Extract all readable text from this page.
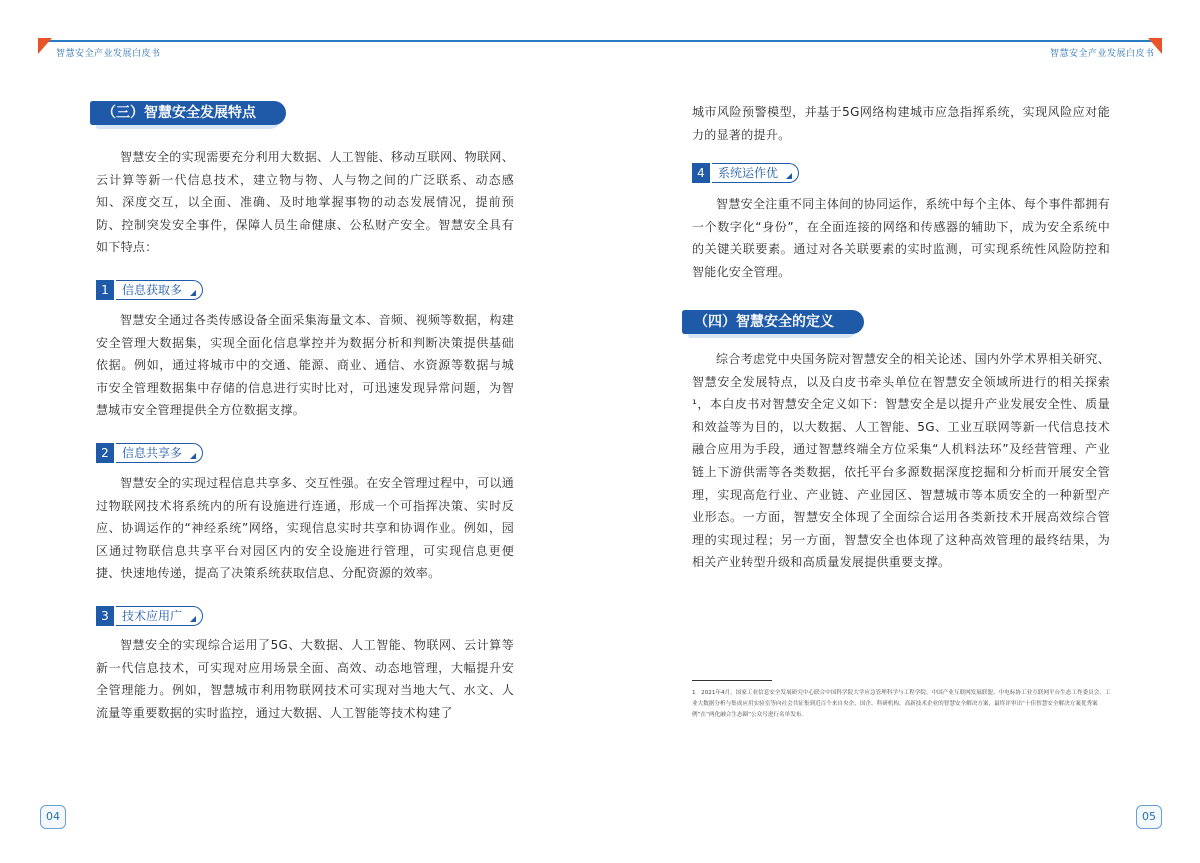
智慧安全产业发展白皮书
（三）智慧安全发展特点
智慧安全的实现需要充分利用大数据、人工智能、移动互联网、物联网、云计算等新一代信息技术，建立物与物、人与物之间的广泛联系、动态感知、深度交互，以全面、准确、及时地掌握事物的动态发展情况，提前预防、控制突发安全事件，保障人员生命健康、公私财产安全。智慧安全具有如下特点：
1	信息获取多
智慧安全通过各类传感设备全面采集海量文本、音频、视频等数据，构建安全管理大数据集，实现全面化信息掌控并为数据分析和判断决策提供基础依据。例如，通过将城市中的交通、能源、商业、通信、水资源等数据与城市安全管理数据集中存储的信息进行实时比对，可迅速发现异常问题，为智慧城市安全管理提供全方位数据支撑。
2	信息共享多
智慧安全的实现过程信息共享多、交互性强。在安全管理过程中，可以通过物联网技术将系统内的所有设施进行连通，形成一个可指挥决策、实时反应、协调运作的“神经系统”网络，实现信息实时共享和协调作业。例如，园区通过物联信息共享平台对园区内的安全设施进行管理，可实现信息更便捷、快速地传递，提高了决策系统获取信息、分配资源的效率。
3	技术应用广
智慧安全的实现综合运用了5G、大数据、人工智能、物联网、云计算等新一代信息技术，可实现对应用场景全面、高效、动态地管理，大幅提升安全管理能力。例如，智慧城市利用物联网技术可实现对当地大气、水文、人流量等重要数据的实时监控，通过大数据、人工智能等技术构建了
04
智慧安全产业发展白皮书
城市风险预警模型，并基于5G网络构建城市应急指挥系统，实现风险应对能力的显著的提升。
4	系统运作优
智慧安全注重不同主体间的协同运作，系统中每个主体、每个事件都拥有一个数字化“身份”，在全面连接的网络和传感器的辅助下，成为安全系统中的关键关联要素。通过对各关联要素的实时监测，可实现系统性风险防控和智能化安全管理。
（四）智慧安全的定义
综合考虑党中央国务院对智慧安全的相关论述、国内外学术界相关研究、智慧安全发展特点，以及白皮书牵头单位在智慧安全领域所进行的相关探索¹，本白皮书对智慧安全定义如下：智慧安全是以提升产业发展安全性、质量和效益等为目的，以大数据、人工智能、5G、工业互联网等新一代信息技术融合应用为手段，通过智慧终端全方位采集“人机料法环”及经营管理、产业链上下游供需等各类数据，依托平台多源数据深度挖掘和分析而开展安全管理，实现高危行业、产业链、产业园区、智慧城市等本质安全的一种新型产业形态。一方面，智慧安全体现了全面综合运用各类新技术开展高效综合管理的实现过程；另一方面，智慧安全也体现了这种高效管理的最终结果，为相关产业转型升级和高质量发展提供重要支撑。
1　2021年4月，国家工业信息安全发展研究中心联合中国科学院大学应急管理科学与工程学院、中国产业互联网发展联盟、中电标协工业互联网平台生态工作委员会、工业大数据分析与集成应用实验室等向社会共征集到近百个来自央企、国企、科研机构、高新技术企业的智慧安全解决方案，最终评审出“十佳智慧安全解决方案优秀案例”在“两化融合生态圈”公众号进行名单发布。
05
